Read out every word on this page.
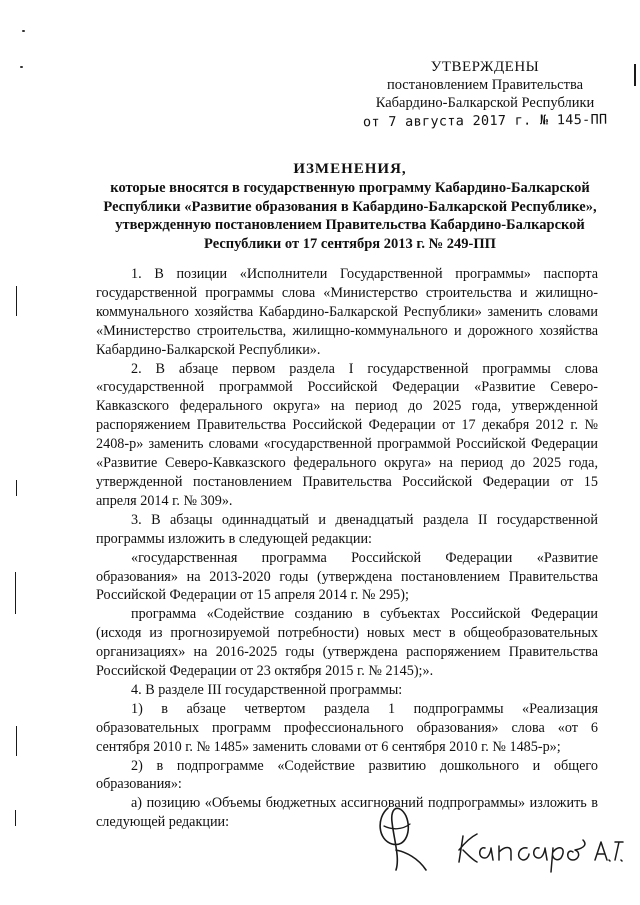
УТВЕРЖДЕНЫ
постановлением Правительства
Кабардино-Балкарской Республики
от 7 августа 2017 г. № 145-ПП
ИЗМЕНЕНИЯ,
которые вносятся в государственную программу Кабардино-Балкарской Республики «Развитие образования в Кабардино-Балкарской Республике», утвержденную постановлением Правительства Кабардино-Балкарской Республики от 17 сентября 2013 г. № 249-ПП

1. В позиции «Исполнители Государственной программы» паспорта государственной программы слова «Министерство строительства и жилищно-коммунального хозяйства Кабардино-Балкарской Республики» заменить словами «Министерство строительства, жилищно-коммунального и дорожного хозяйства Кабардино-Балкарской Республики».

2. В абзаце первом раздела I государственной программы слова «государственной программой Российской Федерации «Развитие Северо-Кавказского федерального округа» на период до 2025 года, утвержденной распоряжением Правительства Российской Федерации от 17 декабря 2012 г. № 2408-р» заменить словами «государственной программой Российской Федерации «Развитие Северо-Кавказского федерального округа» на период до 2025 года, утвержденной постановлением Правительства Российской Федерации от 15 апреля 2014 г. № 309».

3. В абзацы одиннадцатый и двенадцатый раздела II государственной программы изложить в следующей редакции:

«государственная программа Российской Федерации «Развитие образования» на 2013-2020 годы (утверждена постановлением Правительства Российской Федерации от 15 апреля 2014 г. № 295);

программа «Содействие созданию в субъектах Российской Федерации (исходя из прогнозируемой потребности) новых мест в общеобразовательных организациях» на 2016-2025 годы (утверждена распоряжением Правительства Российской Федерации от 23 октября 2015 г. № 2145);».

4. В разделе III государственной программы:

1) в абзаце четвертом раздела 1 подпрограммы «Реализация образовательных программ профессионального образования» слова «от 6 сентября 2010 г. № 1485» заменить словами от 6 сентября 2010 г. № 1485-р»;

2) в подпрограмме «Содействие развитию дошкольного и общего образования»:

а) позицию «Объемы бюджетных ассигнований подпрограммы» изложить в следующей редакции:
